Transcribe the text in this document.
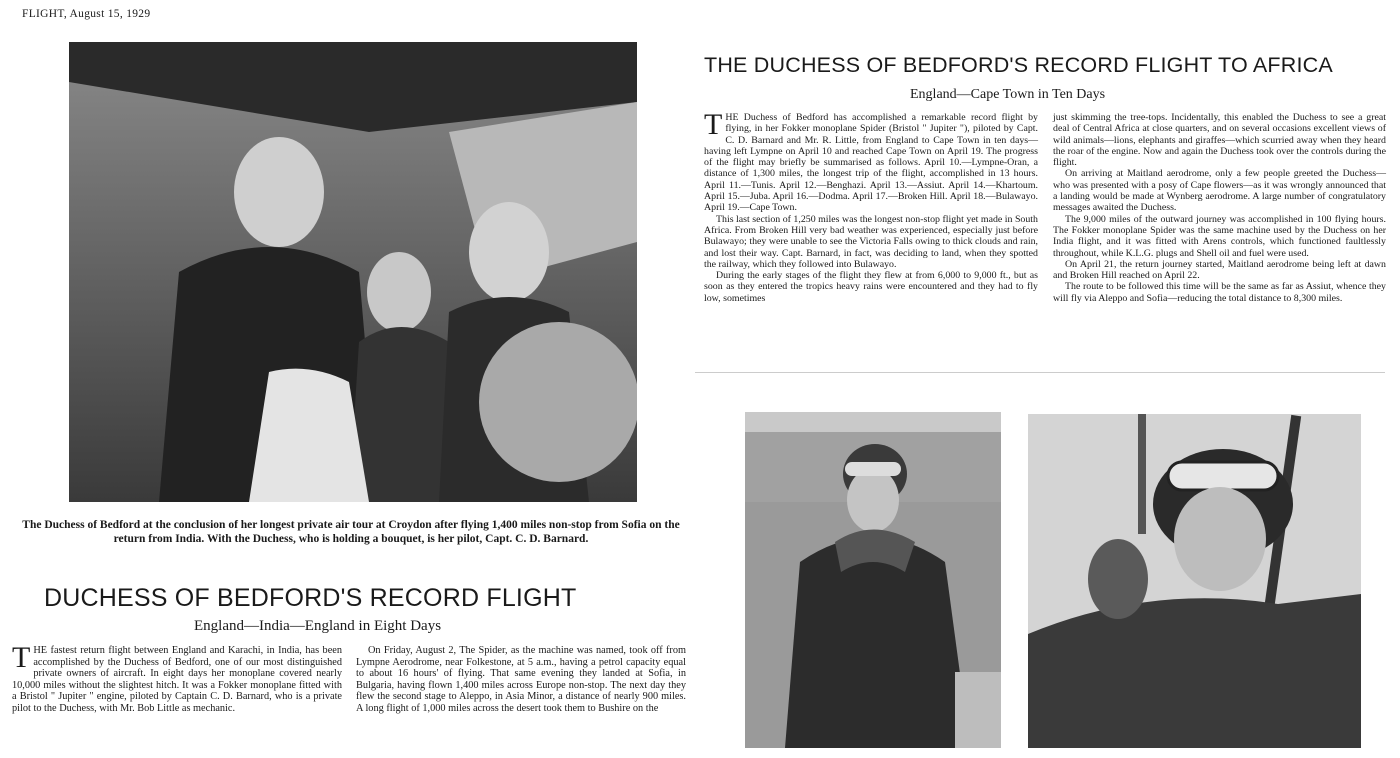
FLIGHT, August 15, 1929
The Duchess of Bedford at the conclusion of her longest private air tour at Croydon after flying 1,400 miles non-stop from Sofia on the return from India. With the Duchess, who is holding a bouquet, is her pilot, Capt. C. D. Barnard.
DUCHESS OF BEDFORD'S RECORD FLIGHT
England—India—England in Eight Days

THE fastest return flight between England and Karachi, in India, has been accomplished by the Duchess of Bedford, one of our most distinguished private owners of aircraft. In eight days her monoplane covered nearly 10,000 miles without the slightest hitch. It was a Fokker monoplane fitted with a Bristol " Jupiter " engine, piloted by Captain C. D. Barnard, who is a private pilot to the Duchess, with Mr. Bob Little as mechanic.

On Friday, August 2, The Spider, as the machine was named, took off from Lympne Aerodrome, near Folkestone, at 5 a.m., having a petrol capacity equal to about 16 hours' of flying. That same evening they landed at Sofia, in Bulgaria, having flown 1,400 miles across Europe non-stop. The next day they flew the second stage to Aleppo, in Asia Minor, a distance of nearly 900 miles. A long flight of 1,000 miles across the desert took them to Bushire on the

THE DUCHESS OF BEDFORD'S RECORD FLIGHT TO AFRICA
England—Cape Town in Ten Days

THE Duchess of Bedford has accomplished a remarkable record flight by flying, in her Fokker monoplane Spider (Bristol " Jupiter "), piloted by Capt. C. D. Barnard and Mr. R. Little, from England to Cape Town in ten days—having left Lympne on April 10 and reached Cape Town on April 19. The progress of the flight may briefly be summarised as follows. April 10.—Lympne-Oran, a distance of 1,300 miles, the longest trip of the flight, accomplished in 13 hours. April 11.—Tunis. April 12.—Benghazi. April 13.—Assiut. April 14.—Khartoum. April 15.—Juba. April 16.—Dodma. April 17.—Broken Hill. April 18.—Bulawayo. April 19.—Cape Town.

This last section of 1,250 miles was the longest non-stop flight yet made in South Africa. From Broken Hill very bad weather was experienced, especially just before Bulawayo; they were unable to see the Victoria Falls owing to thick clouds and rain, and lost their way. Capt. Barnard, in fact, was deciding to land, when they spotted the railway, which they followed into Bulawayo.

During the early stages of the flight they flew at from 6,000 to 9,000 ft., but as soon as they entered the tropics heavy rains were encountered and they had to fly low, sometimes

just skimming the tree-tops. Incidentally, this enabled the Duchess to see a great deal of Central Africa at close quarters, and on several occasions excellent views of wild animals—lions, elephants and giraffes—which scurried away when they heard the roar of the engine. Now and again the Duchess took over the controls during the flight.

On arriving at Maitland aerodrome, only a few people greeted the Duchess—who was presented with a posy of Cape flowers—as it was wrongly announced that a landing would be made at Wynberg aerodrome. A large number of congratulatory messages awaited the Duchess.

The 9,000 miles of the outward journey was accomplished in 100 flying hours. The Fokker monoplane Spider was the same machine used by the Duchess on her India flight, and it was fitted with Arens controls, which functioned faultlessly throughout, while K.L.G. plugs and Shell oil and fuel were used.

On April 21, the return journey started, Maitland aerodrome being left at dawn and Broken Hill reached on April 22.

The route to be followed this time will be the same as far as Assiut, whence they will fly via Aleppo and Sofia—reducing the total distance to 8,300 miles.
